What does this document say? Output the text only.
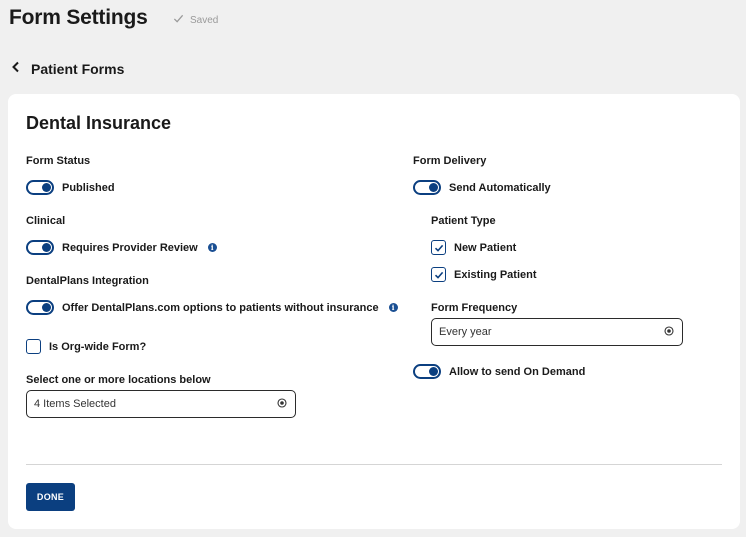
Form Settings	Saved
Patient Forms
Dental Insurance
Form Status
Published
Clinical
Requires Provider Review	i
DentalPlans Integration
Offer DentalPlans.com options to patients without insurance	i
Is Org-wide Form?
Select one or more locations below
4 Items Selected
Form Delivery
Send Automatically
Patient Type
New Patient
Existing Patient
Form Frequency
Every year
Allow to send On Demand
DONE
